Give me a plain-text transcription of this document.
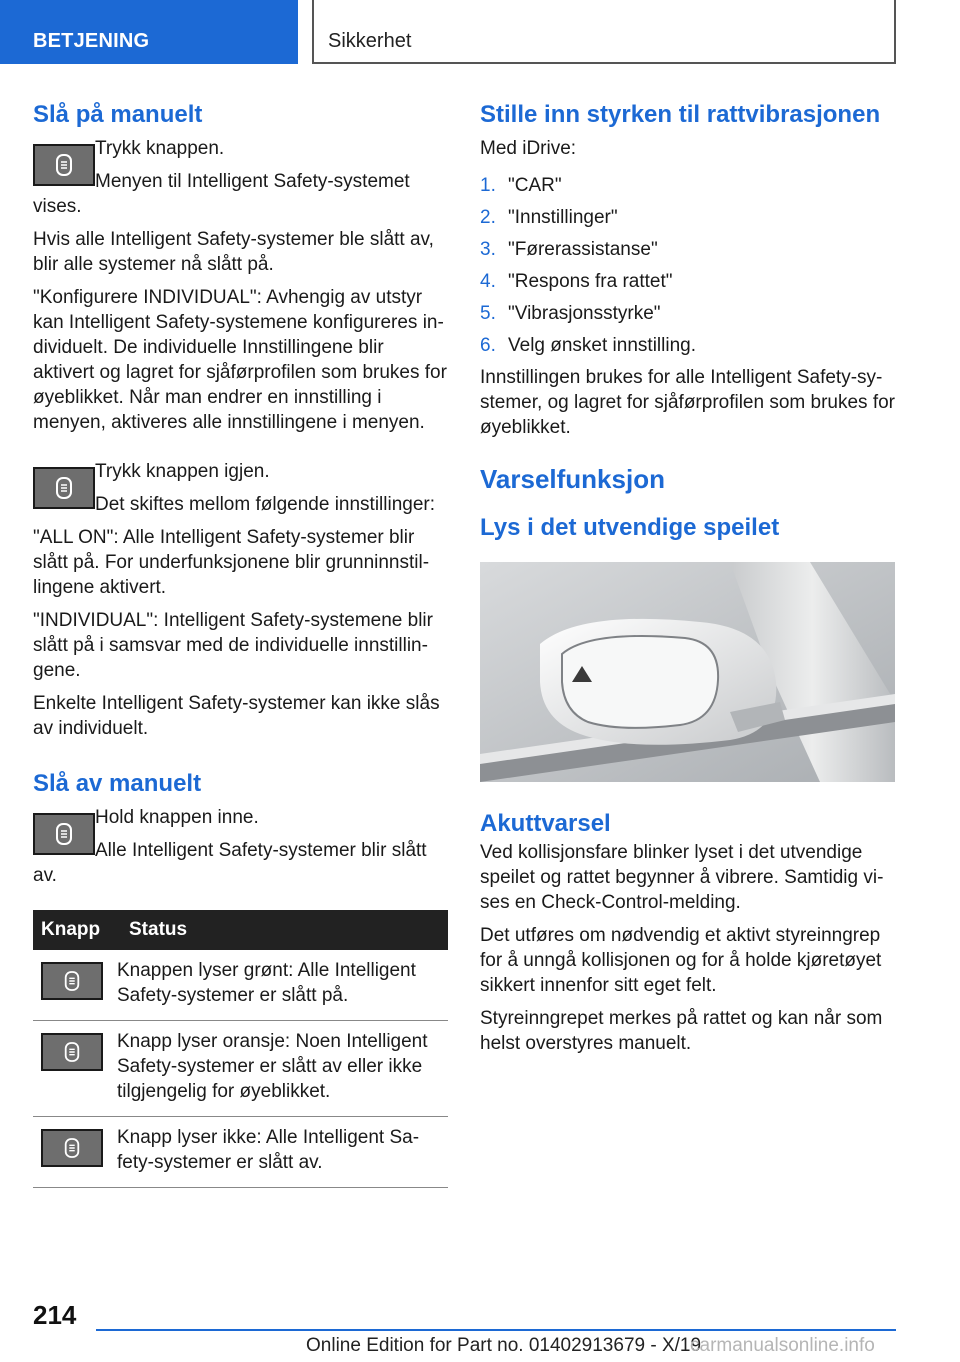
BETJENING	Sikkerhet
Slå på manuelt

Trykk knappen.

Menyen til Intelligent Safety-systemet vises.

Hvis alle Intelligent Safety-systemer ble slått av, blir alle systemer nå slått på.

"Konfigurere INDIVIDUAL": Avhengig av utstyr kan Intelligent Safety-systemene konfigureres individuelt. De individuelle Innstillingene blir aktivert og lagret for sjåførprofilen som brukes for øyeblikket. Når man endrer en innstilling i menyen, aktiveres alle innstillingene i menyen.

Trykk knappen igjen.

Det skiftes mellom følgende innstillinger:

"ALL ON": Alle Intelligent Safety-systemer blir slått på. For underfunksjonene blir grunninnstillingene aktivert.

"INDIVIDUAL": Intelligent Safety-systemene blir slått på i samsvar med de individuelle innstillingene.

Enkelte Intelligent Safety-systemer kan ikke slås av individuelt.

Slå av manuelt

Hold knappen inne.

Alle Intelligent Safety-systemer blir slått av.

Knapp	Status

	Knappen lyser grønt: Alle Intelligent Safety-systemer er slått på.

	Knapp lyser oransje: Noen Intelligent Safety-systemer er slått av eller ikke tilgjengelig for øyeblikket.

	Knapp lyser ikke: Alle Intelligent Safety-systemer er slått av.
Stille inn styrken til rattvibrasjonen

Med iDrive:

1. "CAR"
2. "Innstillinger"
3. "Førerassistanse"
4. "Respons fra rattet"
5. "Vibrasjonsstyrke"
6. Velg ønsket innstilling.

Innstillingen brukes for alle Intelligent Safety-systemer, og lagret for sjåførprofilen som brukes for øyeblikket.

Varselfunksjon
Lys i det utvendige speilet
Akuttvarsel

Ved kollisjonsfare blinker lyset i det utvendige speilet og rattet begynner å vibrere. Samtidig vises en Check-Control-melding.

Det utføres om nødvendig et aktivt styreinngrep for å unngå kollisjonen og for å holde kjøretøyet sikkert innenfor sitt eget felt.

Styreinngrepet merkes på rattet og kan når som helst overstyres manuelt.

214
Online Edition for Part no. 01402913679 - X/19
carmanualsonline.info
